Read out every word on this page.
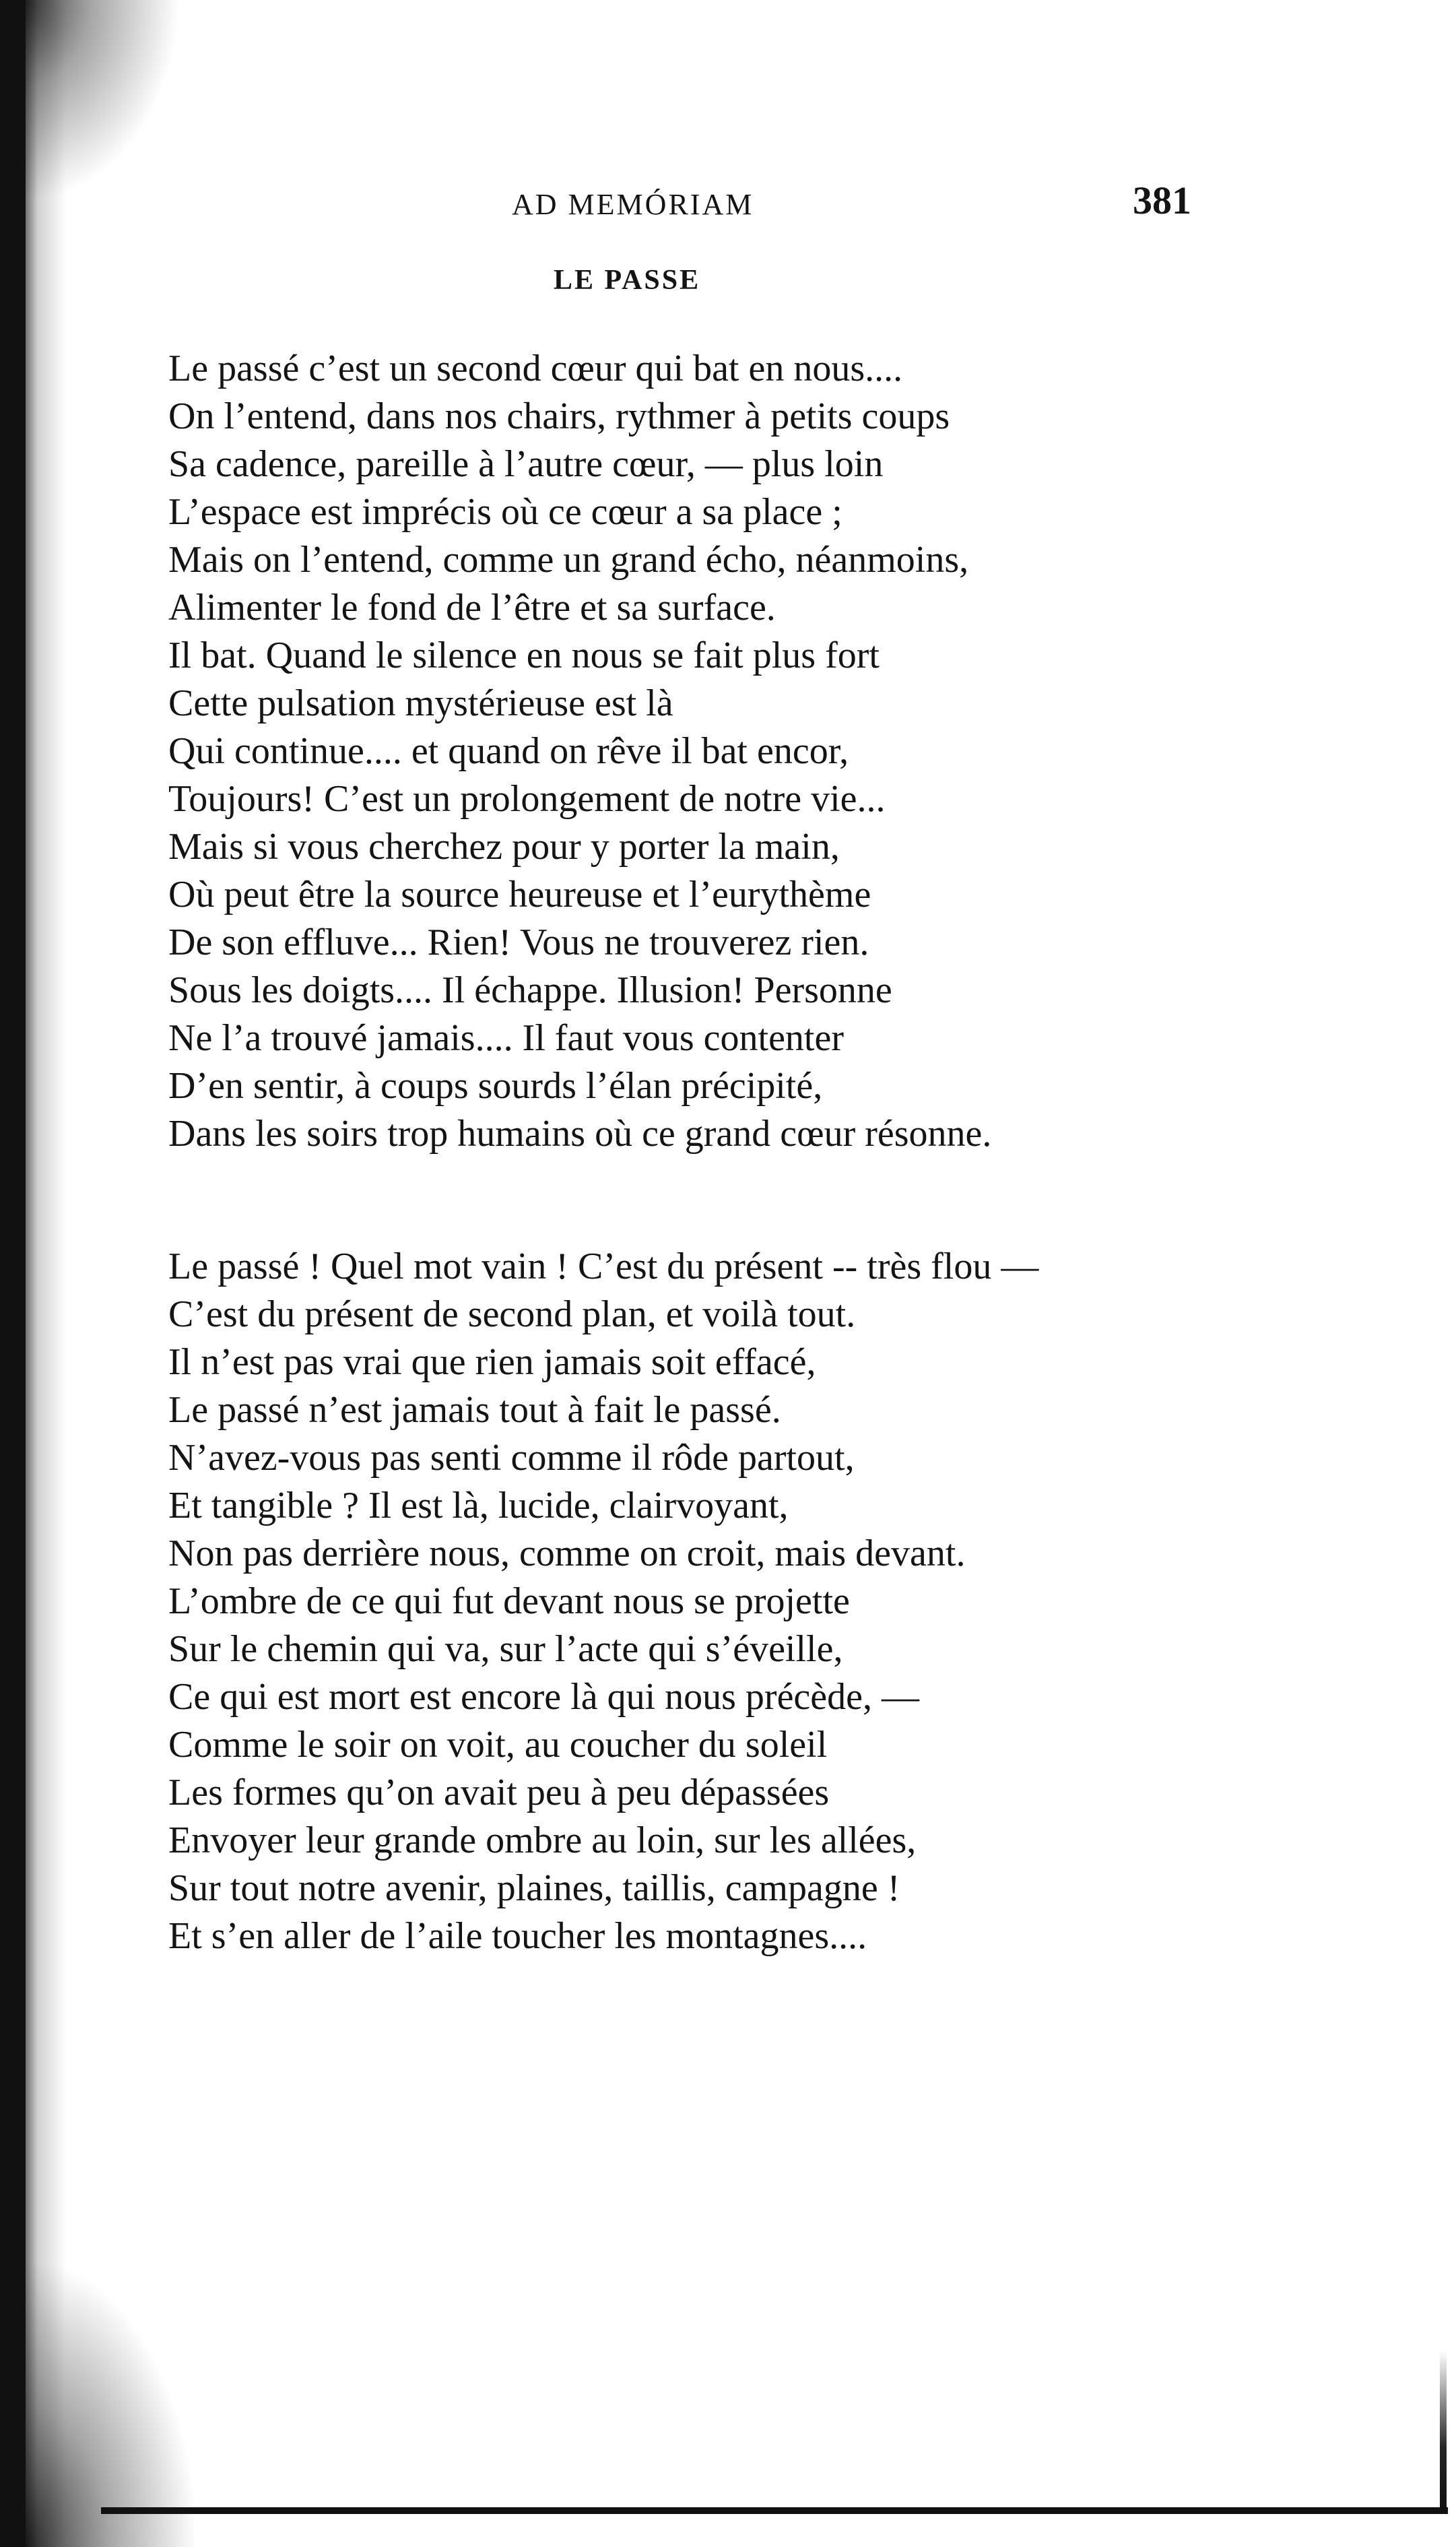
AD MEMÓRIAM	381
LE PASSE
Le passé c’est un second cœur qui bat en nous....
On l’entend, dans nos chairs, rythmer à petits coups
Sa cadence, pareille à l’autre cœur, — plus loin
L’espace est imprécis où ce cœur a sa place ;
Mais on l’entend, comme un grand écho, néanmoins,
Alimenter le fond de l’être et sa surface.
Il bat. Quand le silence en nous se fait plus fort
Cette pulsation mystérieuse est là
Qui continue.... et quand on rêve il bat encor,
Toujours! C’est un prolongement de notre vie...
Mais si vous cherchez pour y porter la main,
Où peut être la source heureuse et l’eurythème
De son effluve... Rien! Vous ne trouverez rien.
Sous les doigts.... Il échappe. Illusion! Personne
Ne l’a trouvé jamais.... Il faut vous contenter
D’en sentir, à coups sourds l’élan précipité,
Dans les soirs trop humains où ce grand cœur résonne.
Le passé ! Quel mot vain ! C’est du présent -- très flou —
C’est du présent de second plan, et voilà tout.
Il n’est pas vrai que rien jamais soit effacé,
Le passé n’est jamais tout à fait le passé.
N’avez-vous pas senti comme il rôde partout,
Et tangible ? Il est là, lucide, clairvoyant,
Non pas derrière nous, comme on croit, mais devant.
L’ombre de ce qui fut devant nous se projette
Sur le chemin qui va, sur l’acte qui s’éveille,
Ce qui est mort est encore là qui nous précède, —
Comme le soir on voit, au coucher du soleil
Les formes qu’on avait peu à peu dépassées
Envoyer leur grande ombre au loin, sur les allées,
Sur tout notre avenir, plaines, taillis, campagne !
Et s’en aller de l’aile toucher les montagnes....
